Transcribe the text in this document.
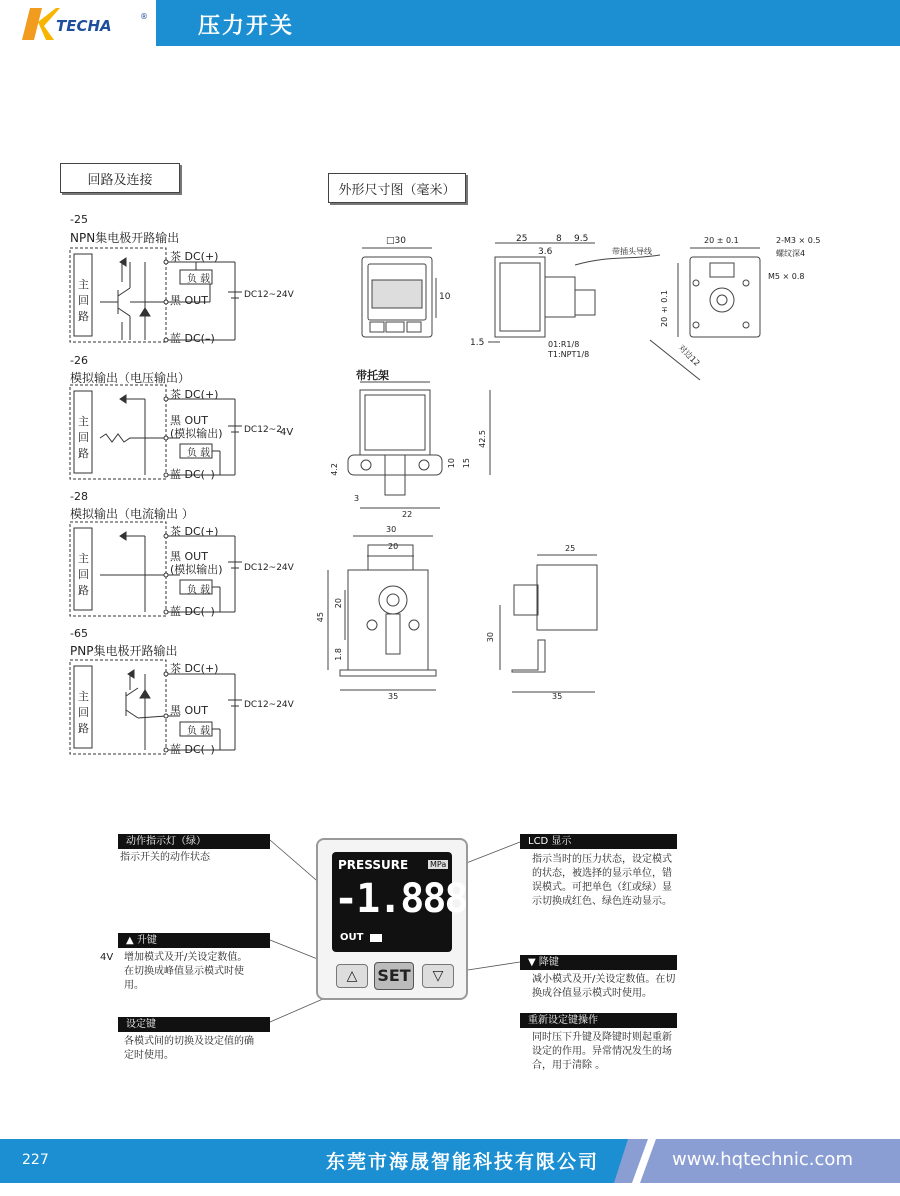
TECHA
® 压力开关
回路及连接
外形尺寸图（毫米）
-25
NPN集电极开路输出
茶 DC(+)
负 载
黑 OUT	DC12~24V
蓝 DC(–)
-26
模拟输出（电压输出）
茶 DC(+)
黑 OUT
(模拟输出)
负 载
DC12~2
4V
蓝 DC(–)
-28
模拟输出（电流输出 ）
茶 DC(+)
黑 OUT
(模拟输出)
负 载
DC12~24V
蓝 DC(–)
-65
PNP集电极开路输出
茶 DC(+)
黑 OUT
负 载
DC12~24V
蓝 DC(–)
主
回
路
主
回
路
主
回
路
主
回
路
□30
10
25
3.6
8 9.5
带插头导线
1.5	01:R1/8
T1:NPT1/8
20 ± 0.1	2-M3 × 0.5
螺纹深4
M5 × 0.8
20 ± 0.1
对边12
带托架
42.5
10 15
4.2
3
22
30
20
45
20
1.8
35
25
30
35
PRESSURE	MPa
-1.888
OUT
△	SET	▽
动作指示灯（绿）
指示开关的动作状态
▲ 升键
4V 增加模式及开/关设定数值。在切换成峰值显示模式时使用。
设定键
各模式间的切换及设定值的确定时使用。
LCD 显示
指示当时的压力状态，设定模式的状态，被选择的显示单位，错误模式。可把单色（红或绿）显示切换成红色、绿色连动显示。
▼ 降键
减小模式及开/关设定数值。在切换成谷值显示模式时使用。
重新设定键操作
同时压下升键及降键时则起重新设定的作用。异常情况发生的场合，用于清除 。
227	东莞市海晟智能科技有限公司	www.hqtechnic.com
